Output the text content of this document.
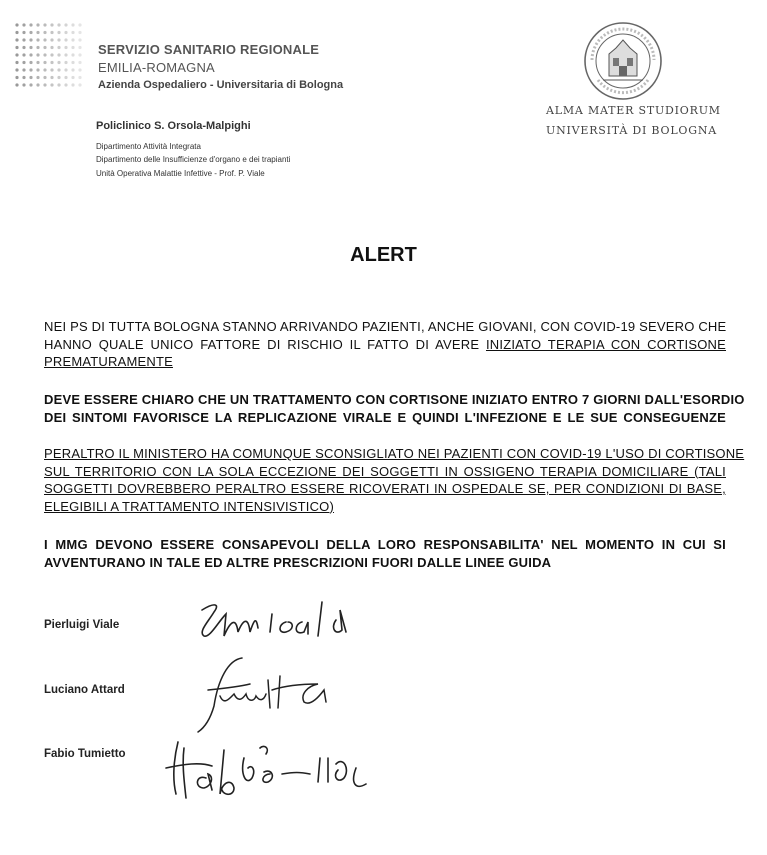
SERVIZIO SANITARIO REGIONALE
EMILIA-ROMAGNA
Azienda Ospedaliero - Universitaria di Bologna
Policlinico S. Orsola-Malpighi
Dipartimento Attività Integrata
Dipartimento delle Insufficienze d'organo e dei trapianti
Unità Operativa Malattie Infettive - Prof. P. Viale
ALMA MATER STUDIORUM
UNIVERSITÀ DI BOLOGNA
ALERT
NEI PS DI TUTTA BOLOGNA STANNO ARRIVANDO PAZIENTI, ANCHE GIOVANI, CON COVID-19 SEVERO CHE
HANNO QUALE UNICO FATTORE DI RISCHIO IL FATTO DI AVERE INIZIATO TERAPIA CON CORTISONE
PREMATURAMENTE
DEVE ESSERE CHIARO CHE UN TRATTAMENTO CON CORTISONE INIZIATO ENTRO 7 GIORNI DALL'ESORDIO
DEI SINTOMI FAVORISCE LA REPLICAZIONE VIRALE E QUINDI L'INFEZIONE E LE SUE CONSEGUENZE
PERALTRO IL MINISTERO HA COMUNQUE SCONSIGLIATO NEI PAZIENTI CON COVID-19 L'USO DI CORTISONE
SUL TERRITORIO CON LA SOLA ECCEZIONE DEI SOGGETTI IN OSSIGENO TERAPIA DOMICILIARE (TALI
SOGGETTI DOVREBBERO PERALTRO ESSERE RICOVERATI IN OSPEDALE SE, PER CONDIZIONI DI BASE,
ELEGIBILI A TRATTAMENTO INTENSIVISTICO)
I MMG DEVONO ESSERE CONSAPEVOLI DELLA LORO RESPONSABILITA' NEL MOMENTO IN CUI SI
AVVENTURANO IN TALE ED ALTRE PRESCRIZIONI FUORI DALLE LINEE GUIDA
Pierluigi Viale
Luciano Attard
Fabio Tumietto
